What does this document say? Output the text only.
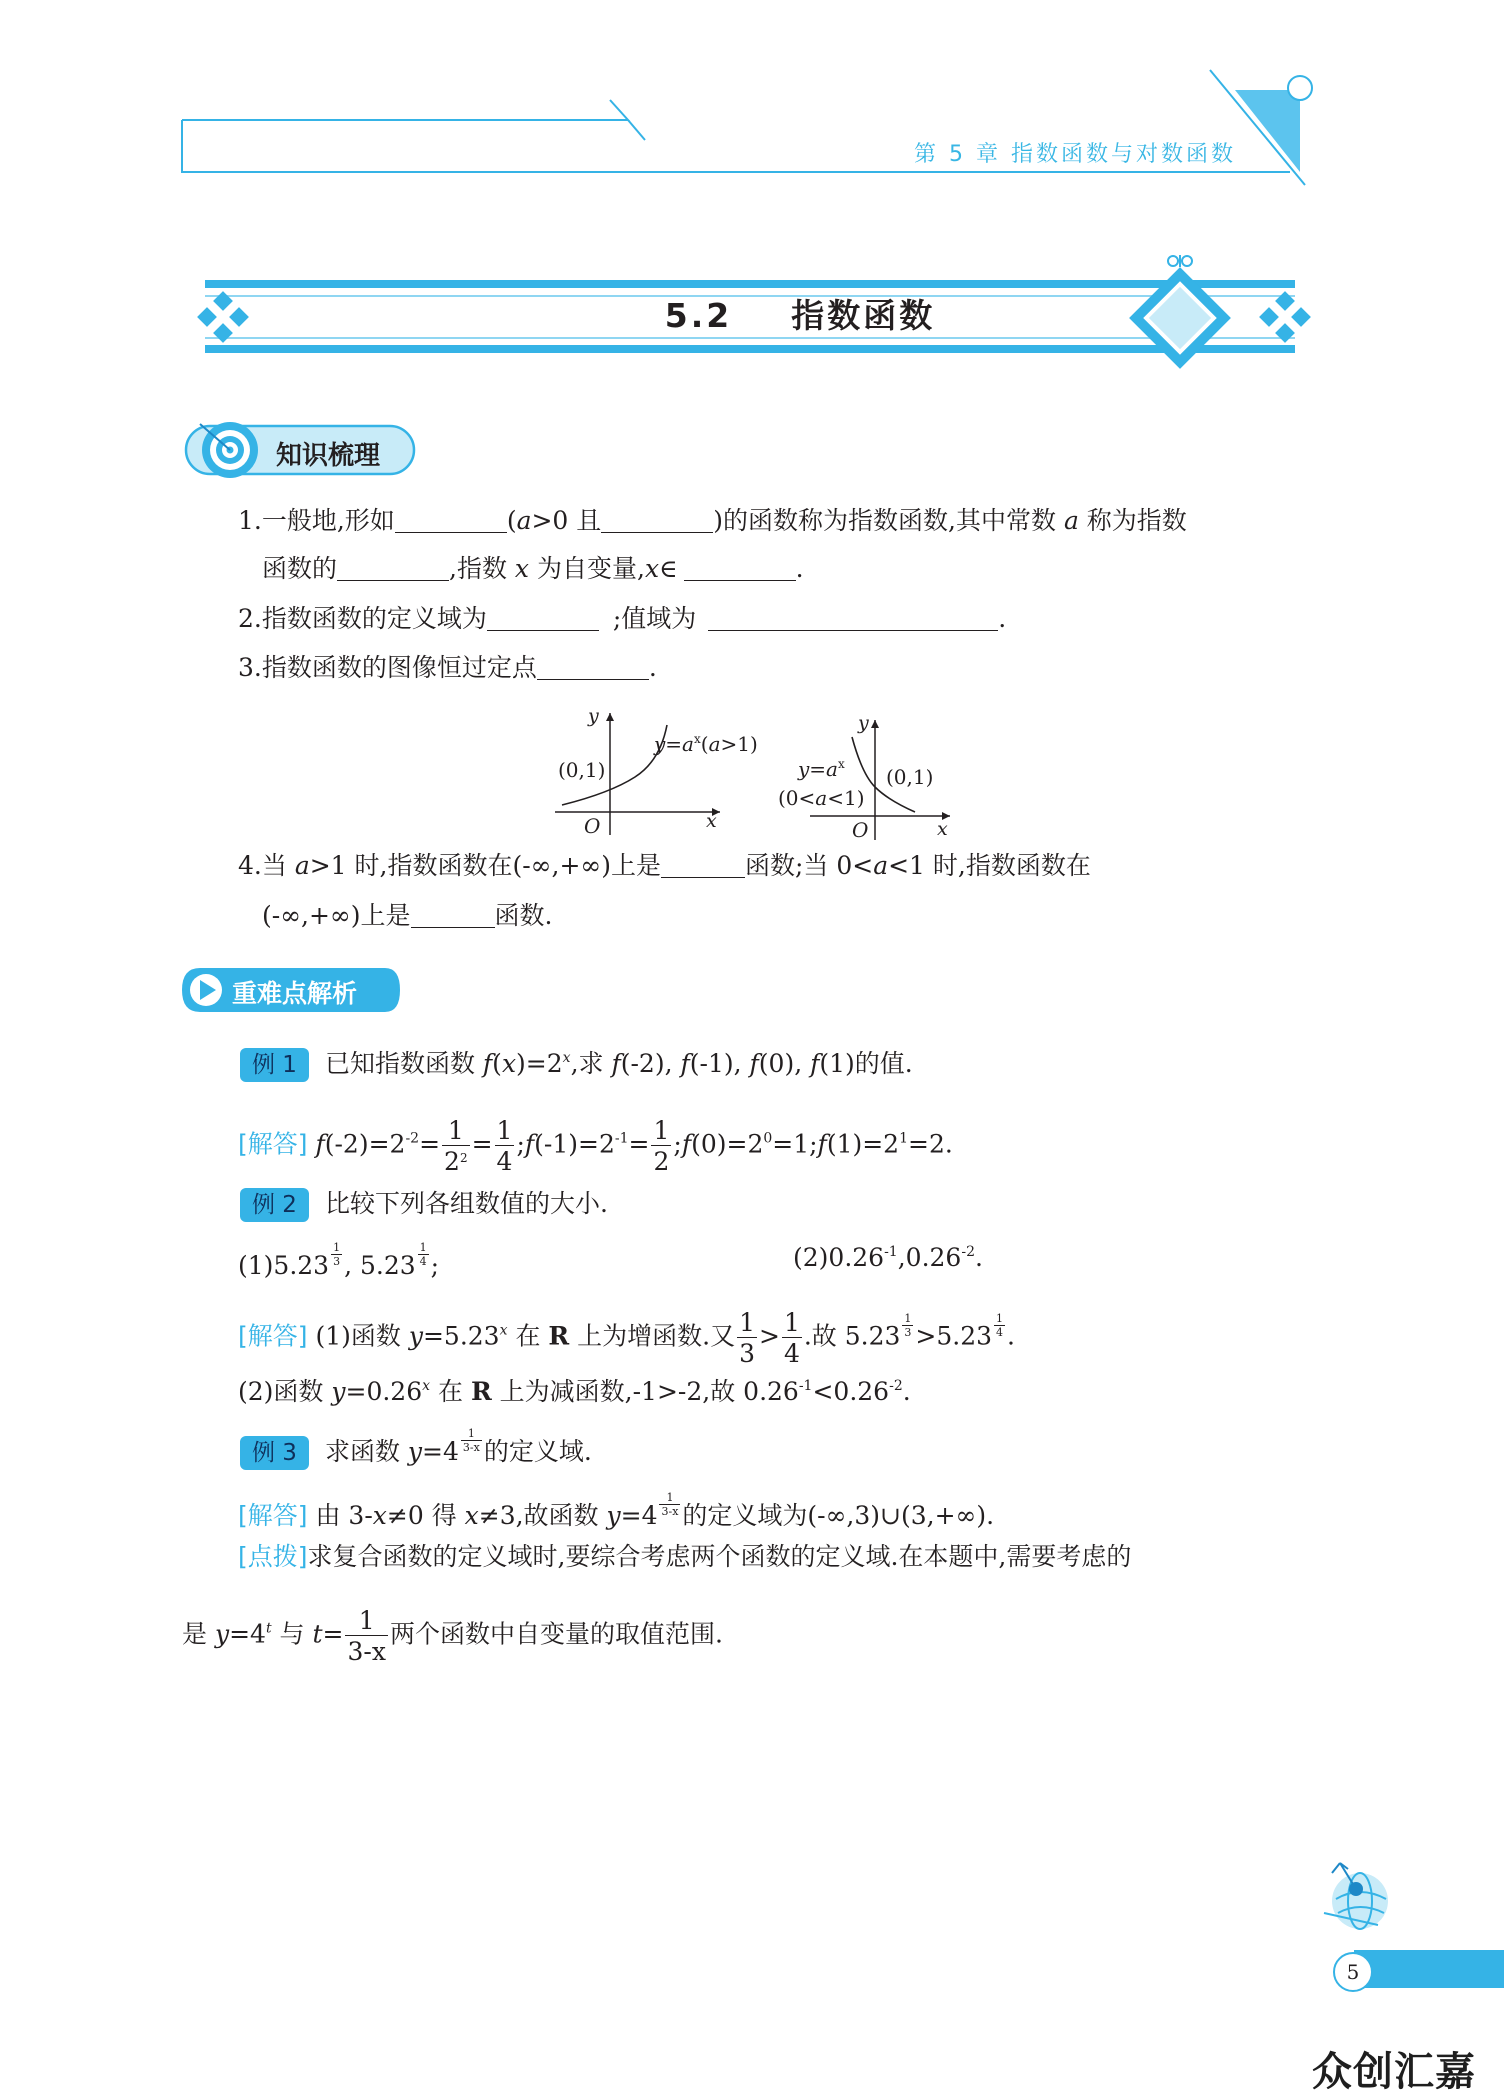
第 5 章 指数函数与对数函数
5.2 指数函数
知识梳理
1.一般地,形如	(a>0 且	)的函数称为指数函数,其中常数 a 称为指数
函数的	,指数 x 为自变量,x∈	.
2.指数函数的定义域为	;值域为	.
3.指数函数的图像恒过定点	.
y
x
O
(0,1)
$y=a^x(a>1)$
y
x
O
(0,1)
$y=a^x$
(0<a<1)
4.当 a>1 时,指数函数在(-∞,+∞)上是	函数;当 0<a<1 时,指数函数在
(-∞,+∞)上是	函数.
重难点解析
例 1 已知指数函数 $f(x)=2^x$,求 f(-2), f(-1), f(0), f(1)的值.
[解答] $f(-2)=2^{-2}= \frac{1}{2^2} = \frac{1}{4}$ $;f(-1)=2^{-1}= \frac{1}{2}$ $;f(0)=2^0=1;f(1)=2^1=2$.
例 2 比较下列各组数值的大小.
$(1)5.23 \frac{1}{3}$ , $5.23 \frac{1}{4}$ ;	$(2)0.26^{-1},0.26^{-2}$.
[解答] (1)函数 $y=5.23^x$ 在 R 上为增函数.又 $\frac{1}{3} > \frac{1}{4}$ .故 $5.23 \frac{1}{3} >5.23 \frac{1}{4}$ .
(2)函数 $y=0.26^x$ 在 R 上为减函数,-1>-2,故 $0.26^{-1}<0.26^{-2}$.
例 3 求函数 $y=4 \frac{1}{3-x}$ 的定义域.
[解答] 由 3-x≠0 得 x≠3,故函数 $y=4 \frac{1}{3-x}$ 的定义域为(-∞,3)∪(3,+∞).
[点拨]求复合函数的定义域时,要综合考虑两个函数的定义域.在本题中,需要考虑的
是 $y=4^t$ 与 $t= \frac{1}{3-x}$ 两个函数中自变量的取值范围.
5
众创汇嘉
